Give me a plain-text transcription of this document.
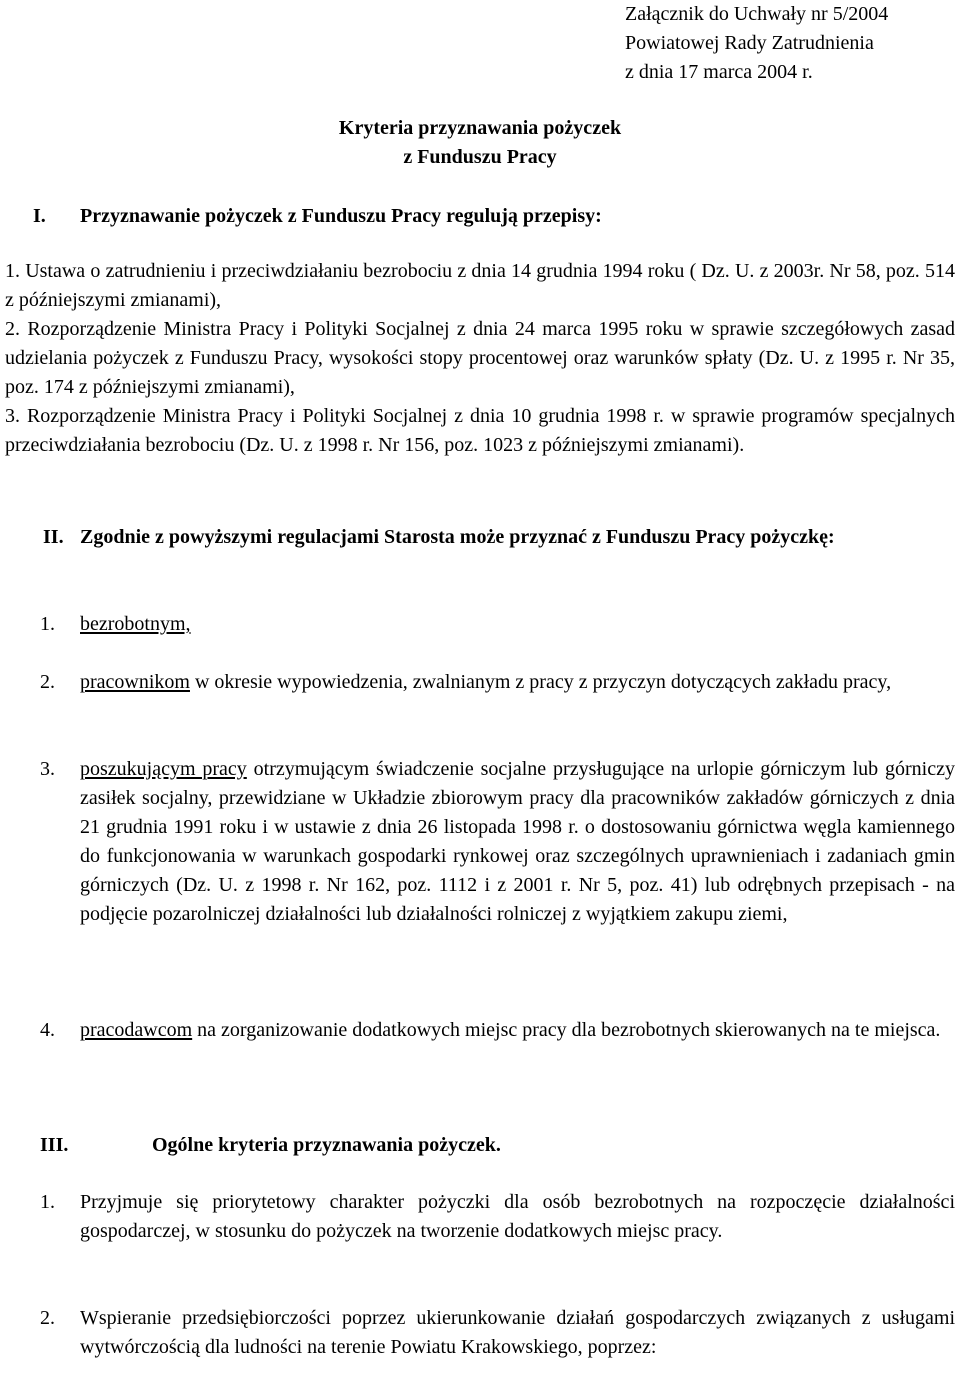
Załącznik do Uchwały nr 5/2004
Powiatowej Rady Zatrudnienia
z dnia 17 marca 2004 r.
Kryteria przyznawania pożyczek
z Funduszu Pracy
I. Przyznawanie pożyczek z Funduszu Pracy regulują przepisy:
1. Ustawa o zatrudnieniu i przeciwdziałaniu bezrobociu z dnia 14 grudnia 1994 roku ( Dz. U. z 2003r. Nr 58, poz. 514 z późniejszymi zmianami),
2. Rozporządzenie Ministra Pracy i Polityki Socjalnej z dnia 24 marca 1995 roku w sprawie szczegółowych zasad udzielania pożyczek z Funduszu Pracy, wysokości stopy procentowej oraz warunków spłaty (Dz. U. z 1995 r. Nr 35, poz. 174 z późniejszymi zmianami),
3. Rozporządzenie Ministra Pracy i Polityki Socjalnej z dnia 10 grudnia 1998 r. w sprawie programów specjalnych przeciwdziałania bezrobociu (Dz. U. z 1998 r. Nr 156, poz. 1023 z późniejszymi zmianami).
II. Zgodnie z powyższymi regulacjami Starosta może przyznać z Funduszu Pracy pożyczkę:
1. bezrobotnym,
2. pracownikom w okresie wypowiedzenia, zwalnianym z pracy z przyczyn dotyczących zakładu pracy,
3. poszukującym pracy otrzymującym świadczenie socjalne przysługujące na urlopie górniczym lub górniczy zasiłek socjalny, przewidziane w Układzie zbiorowym pracy dla pracowników zakładów górniczych z dnia 21 grudnia 1991 roku i w ustawie z dnia 26 listopada 1998 r. o dostosowaniu górnictwa węgla kamiennego do funkcjonowania w warunkach gospodarki rynkowej oraz szczególnych uprawnieniach i zadaniach gmin górniczych (Dz. U. z 1998 r. Nr 162, poz. 1112 i z 2001 r. Nr 5, poz. 41) lub odrębnych przepisach - na podjęcie pozarolniczej działalności lub działalności rolniczej z wyjątkiem zakupu ziemi,
4. pracodawcom na zorganizowanie dodatkowych miejsc pracy dla bezrobotnych skierowanych na te miejsca.
III.	Ogólne kryteria przyznawania pożyczek.
1. Przyjmuje się priorytetowy charakter pożyczki dla osób bezrobotnych na rozpoczęcie działalności gospodarczej, w stosunku do pożyczek na tworzenie dodatkowych miejsc pracy.
2. Wspieranie przedsiębiorczości poprzez ukierunkowanie działań gospodarczych związanych z usługami wytwórczością dla ludności na terenie Powiatu Krakowskiego, poprzez:
